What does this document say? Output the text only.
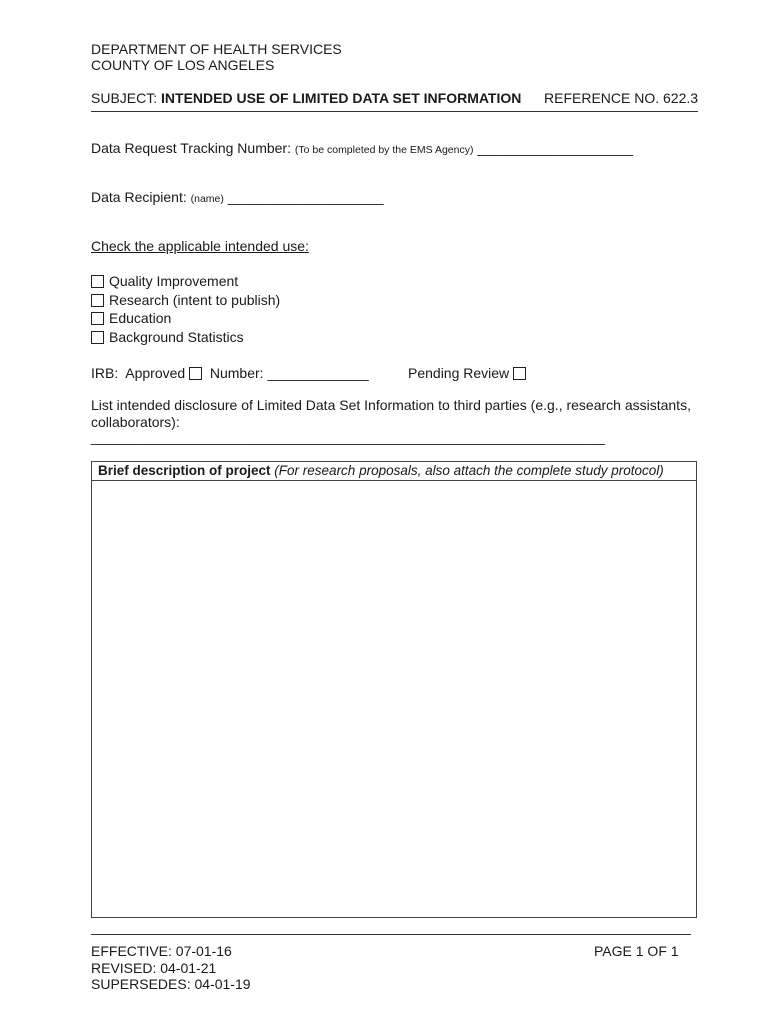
DEPARTMENT OF HEALTH SERVICES
COUNTY OF LOS ANGELES
SUBJECT: INTENDED USE OF LIMITED DATA SET INFORMATION REFERENCE NO. 622.3
Data Request Tracking Number: (To be completed by the EMS Agency) ____________________
Data Recipient: (name) ____________________
Check the applicable intended use:
Quality Improvement
Research (intent to publish)
Education
Background Statistics
IRB: Approved Number: _____________	Pending Review
List intended disclosure of Limited Data Set Information to third parties (e.g., research assistants,
collaborators):
__________________________________________________________________
Brief description of project (For research proposals, also attach the complete study protocol)
EFFECTIVE: 07-01-16
REVISED: 04-01-21
SUPERSEDES: 04-01-19
PAGE 1 OF 1
